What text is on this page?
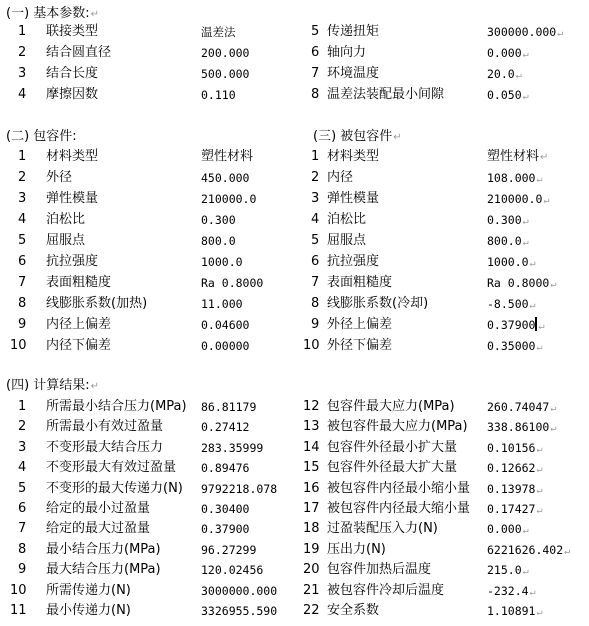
(一) 基本参数:↵
1 联接类型	温差法	5 传递扭矩	300000.000↵
2 结合圆直径	200.000	6 轴向力	0.000↵
3 结合长度	500.000	7 环境温度	20.0↵
4 摩擦因数	0.110	8 温差法装配最小间隙	0.050↵
(二) 包容件:	(三) 被包容件↵
1 材料类型	塑性材料	1 材料类型	塑性材料↵
2 外径	450.000	2 内径	108.000↵
3 弹性模量	210000.0	3 弹性模量	210000.0↵
4 泊松比	0.300	4 泊松比	0.300↵
5 屈服点	800.0	5 屈服点	800.0↵
6 抗拉强度	1000.0	6 抗拉强度	1000.0↵
7 表面粗糙度	Ra 0.8000	7 表面粗糙度	Ra 0.8000↵
8 线膨胀系数(加热)	11.000	8 线膨胀系数(冷却)	-8.500↵
9 内径上偏差	0.04600	9 外径上偏差	0.37900 ↵
10 内径下偏差	0.00000	10 外径下偏差	0.35000↵
(四) 计算结果:↵
1 所需最小结合压力(MPa) 86.81179	12 包容件最大应力(MPa)	260.74047↵
2 所需最小有效过盈量	0.27412	13 被包容件最大应力(MPa) 338.86100↵
3 不变形最大结合压力	283.35999	14 包容件外径最小扩大量	0.10156↵
4 不变形最大有效过盈量 0.89476	15 包容件外径最大扩大量	0.12662↵
5 不变形的最大传递力(N) 9792218.078 16 被包容件内径最小缩小量 0.13978↵
6 给定的最小过盈量	0.30400	17 被包容件内径最大缩小量 0.17427↵
7 给定的最大过盈量	0.37900	18 过盈装配压入力(N)	0.000↵
8 最小结合压力(MPa)	96.27299	19 压出力(N)	6221626.402↵
9 最大结合压力(MPa)	120.02456	20 包容件加热后温度	215.0↵
10 所需传递力(N)	3000000.000 21 被包容件冷却后温度	-232.4↵
11 最小传递力(N)	3326955.590 22 安全系数	1.10891↵
